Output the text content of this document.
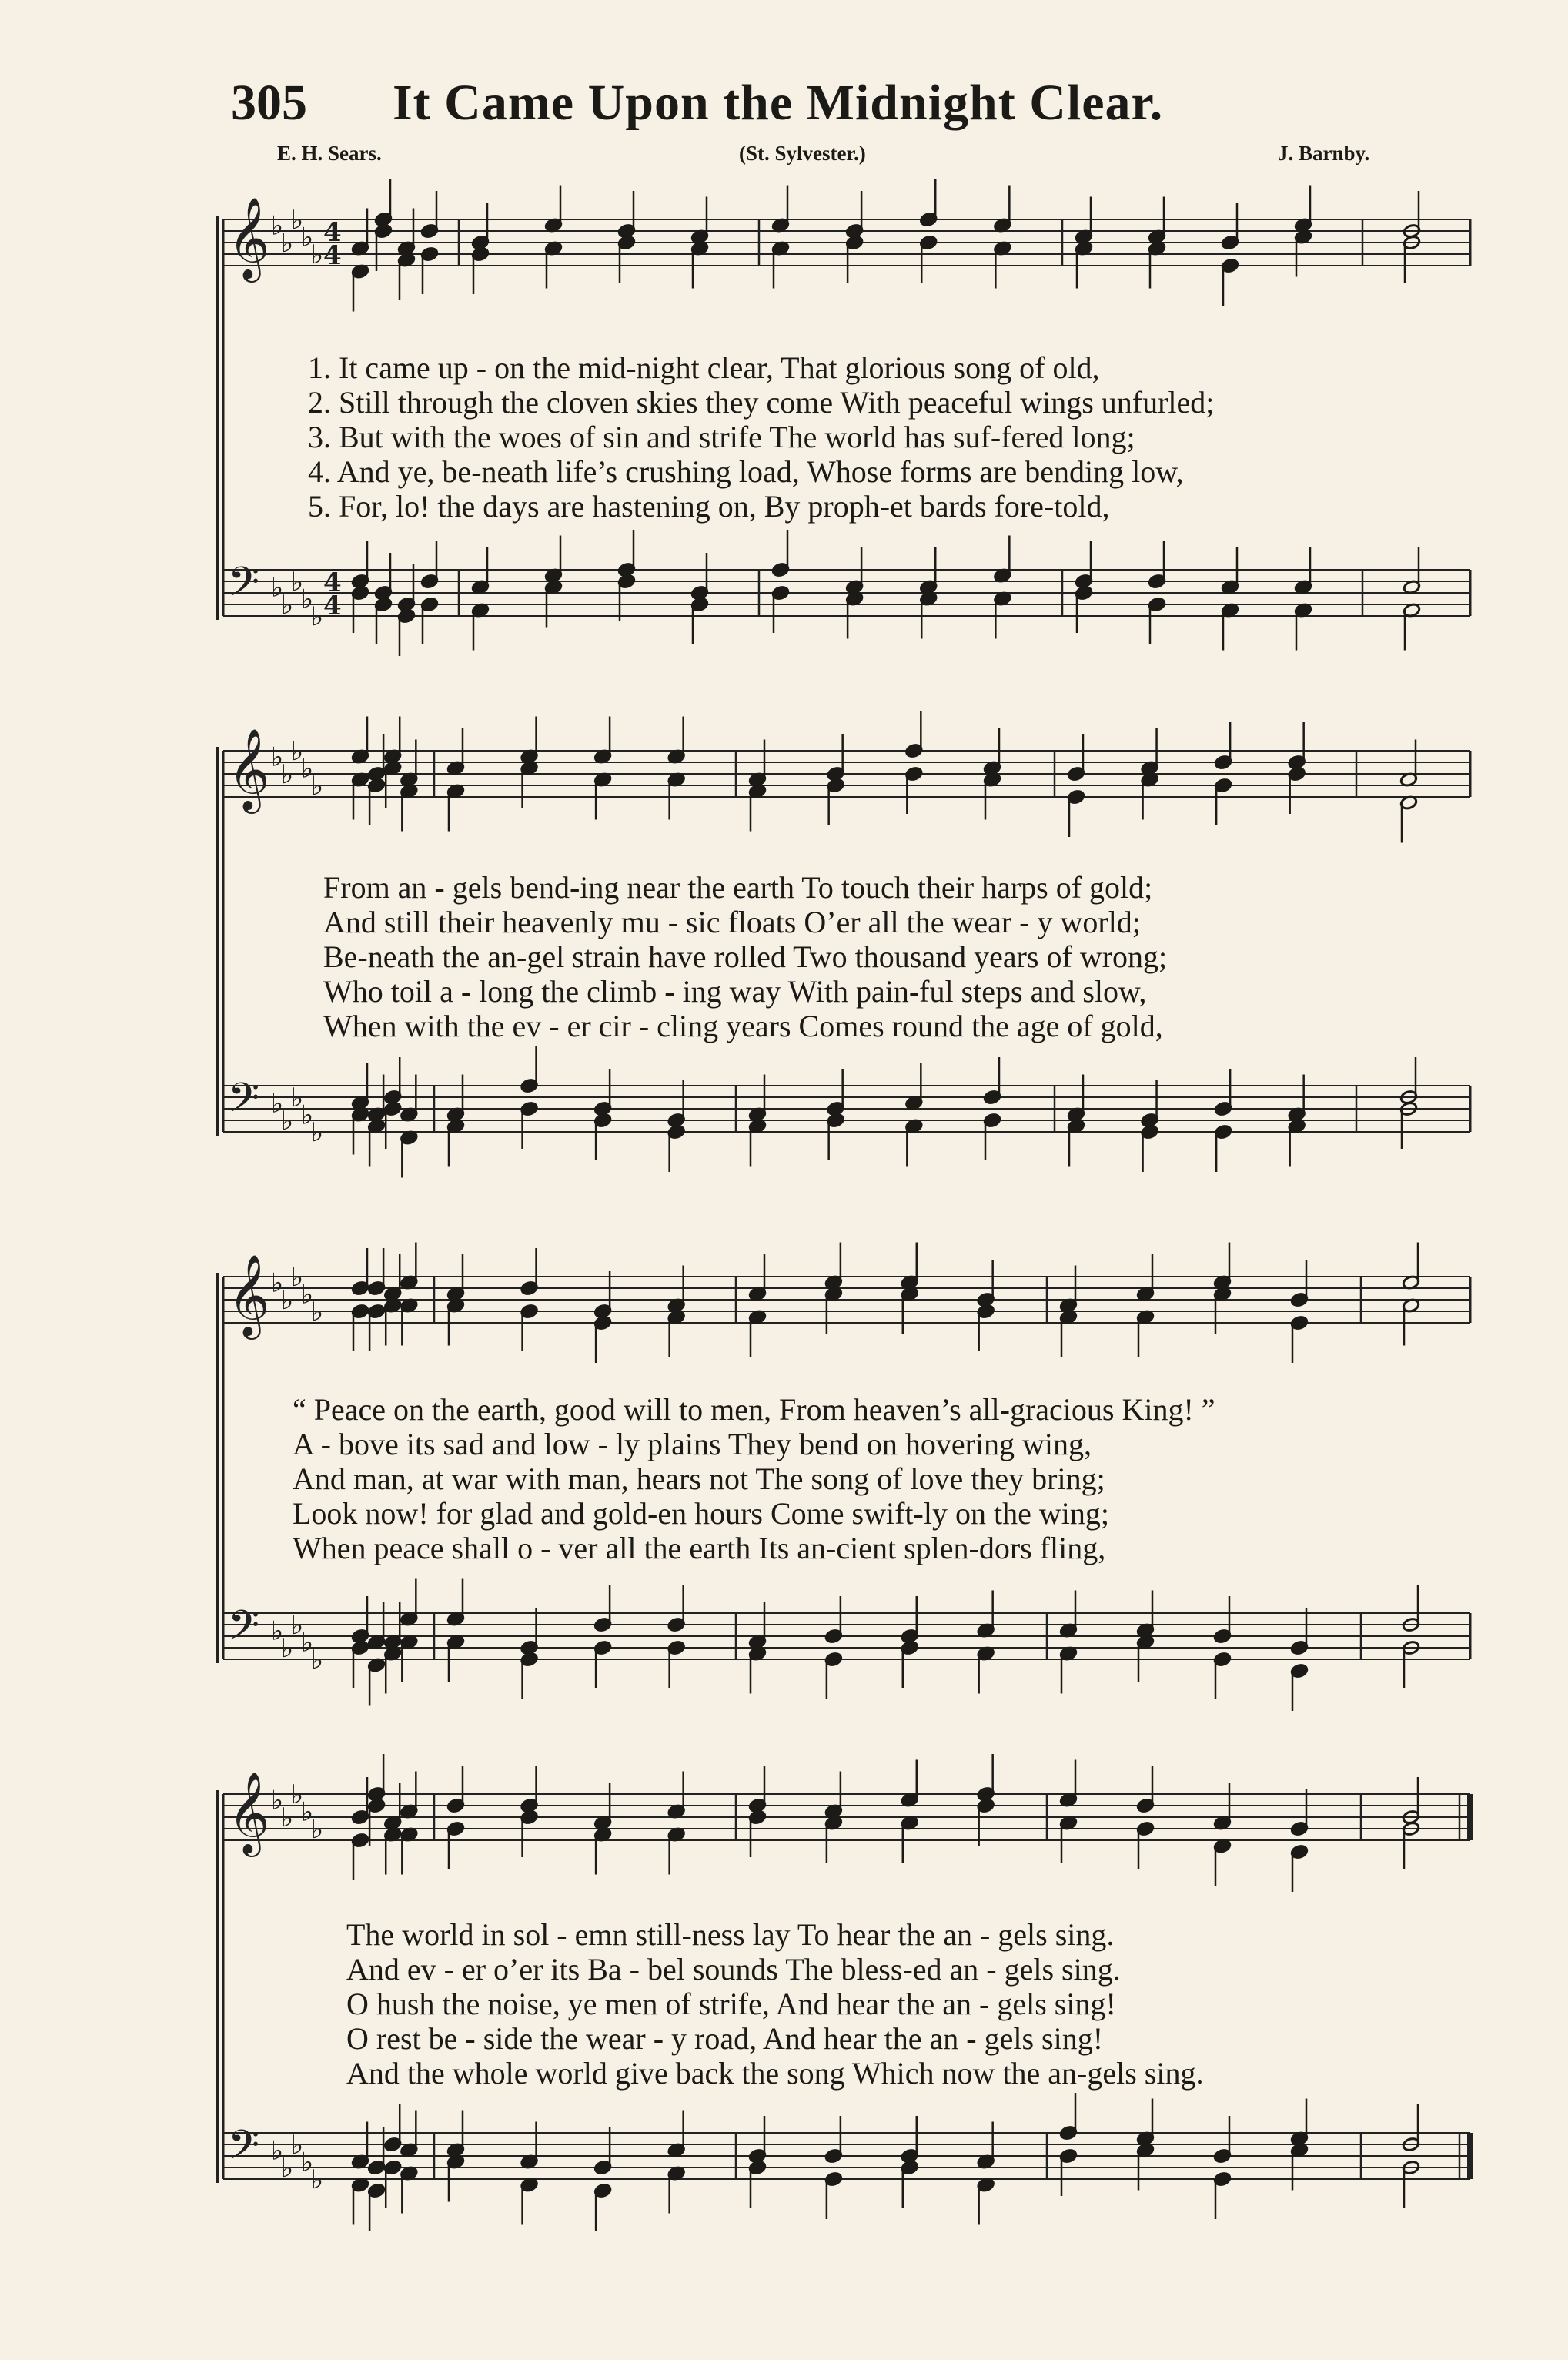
305 It Came Upon the Midnight Clear.
E. H. Sears.	(St. Sylvester.)	J. Barnby.
𝄞 ♭
♭
♭
♭
♭
𝄢 ♭
♭
♭
♭
♭
4
4
4
4
1. It came up - on the mid-night clear, That glorious song of old,
2. Still through the cloven skies they come With peaceful wings unfurled;
3. But with the woes of sin and strife The world has suf-fered long;
4. And ye, be-neath life’s crushing load, Whose forms are bending low,
5. For, lo! the days are hastening on, By proph-et bards fore-told,
𝄞 ♭
♭
♭
♭
♭
𝄢 ♭
♭
♭
♭
♭
From an - gels bend-ing near the earth To touch their harps of gold;
And still their heavenly mu - sic floats O’er all the wear - y world;
Be-neath the an-gel strain have rolled Two thousand years of wrong;
Who toil a - long the climb - ing way With pain-ful steps and slow,
When with the ev - er cir - cling years Comes round the age of gold,
𝄞 ♭
♭
♭
♭
♭
𝄢 ♭
♭
♭
♭
♭
“ Peace on the earth, good will to men, From heaven’s all-gracious King! ”
A - bove its sad and low - ly plains They bend on hovering wing,
And man, at war with man, hears not The song of love they bring;
Look now! for glad and gold-en hours Come swift-ly on the wing;
When peace shall o - ver all the earth Its an-cient splen-dors fling,
𝄞 ♭
♭
♭
♭
♭
𝄢 ♭
♭
♭
♭
♭
The world in sol - emn still-ness lay To hear the an - gels sing.
And ev - er o’er its Ba - bel sounds The bless-ed an - gels sing.
O hush the noise, ye men of strife, And hear the an - gels sing!
O rest be - side the wear - y road, And hear the an - gels sing!
And the whole world give back the song Which now the an-gels sing.
